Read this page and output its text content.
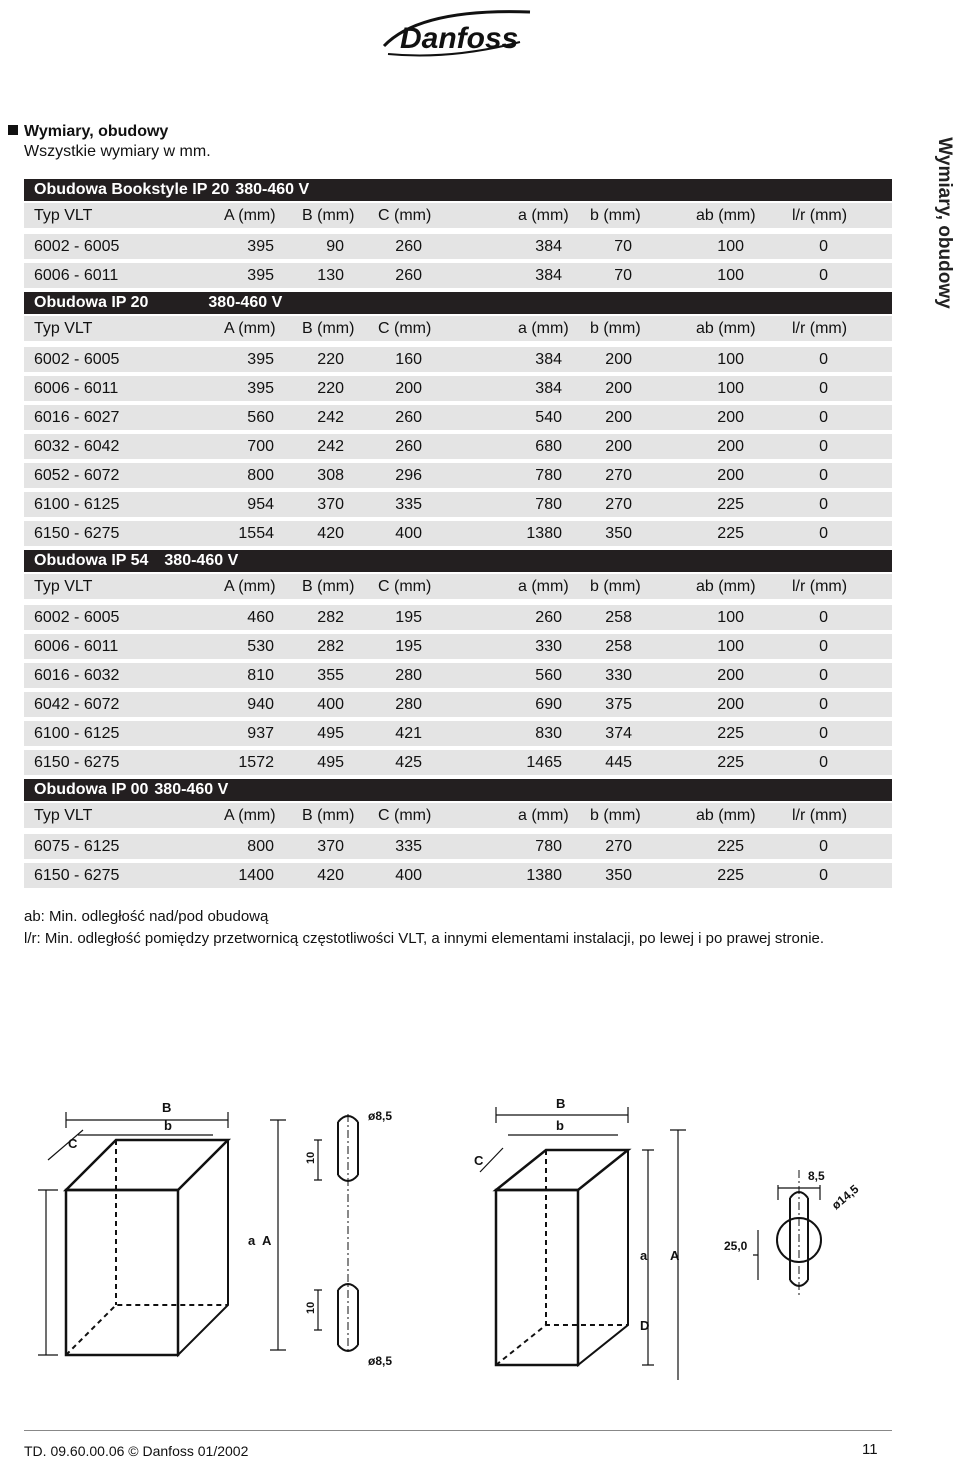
Danfoss
Wymiary, obudowy
Wymiary, obudowy
Wszystkie wymiary w mm.
Obudowa Bookstyle IP 20 380-460 V
Typ VLT	A (mm) B (mm) C (mm)	a (mm) b (mm)	ab (mm) l/r (mm)
6002 - 6005	395	90	260	384	70	100	0
6006 - 6011	395	130	260	384	70	100	0
Obudowa IP 20	380-460 V
Typ VLT	A (mm) B (mm) C (mm)	a (mm) b (mm)	ab (mm) l/r (mm)
6002 - 6005	395	220	160	384	200	100	0
6006 - 6011	395	220	200	384	200	100	0
6016 - 6027	560	242	260	540	200	200	0
6032 - 6042	700	242	260	680	200	200	0
6052 - 6072	800	308	296	780	270	200	0
6100 - 6125	954	370	335	780	270	225	0
6150 - 6275	1554	420	400	1380	350	225	0
Obudowa IP 54 380-460 V
Typ VLT	A (mm) B (mm) C (mm)	a (mm) b (mm)	ab (mm) l/r (mm)
6002 - 6005	460	282	195	260	258	100	0
6006 - 6011	530	282	195	330	258	100	0
6016 - 6032	810	355	280	560	330	200	0
6042 - 6072	940	400	280	690	375	200	0
6100 - 6125	937	495	421	830	374	225	0
6150 - 6275	1572	495	425	1465	445	225	0
Obudowa IP 00 380-460 V
Typ VLT	A (mm) B (mm) C (mm)	a (mm) b (mm)	ab (mm) l/r (mm)
6075 - 6125	800	370	335	780	270	225	0
6150 - 6275	1400	420	400	1380	350	225	0
ab: Min. odległość nad/pod obudową
l/r: Min. odległość pomiędzy przetwornicą częstotliwości VLT, a innymi elementami instalacji, po lewej i po prawej stronie.
B
b
C
a A
10
10
ø8,5
ø8,5
B
b
C
a A
D
8,5
25,0
ø14,5
TD. 09.60.00.06 © Danfoss 01/2002	11
